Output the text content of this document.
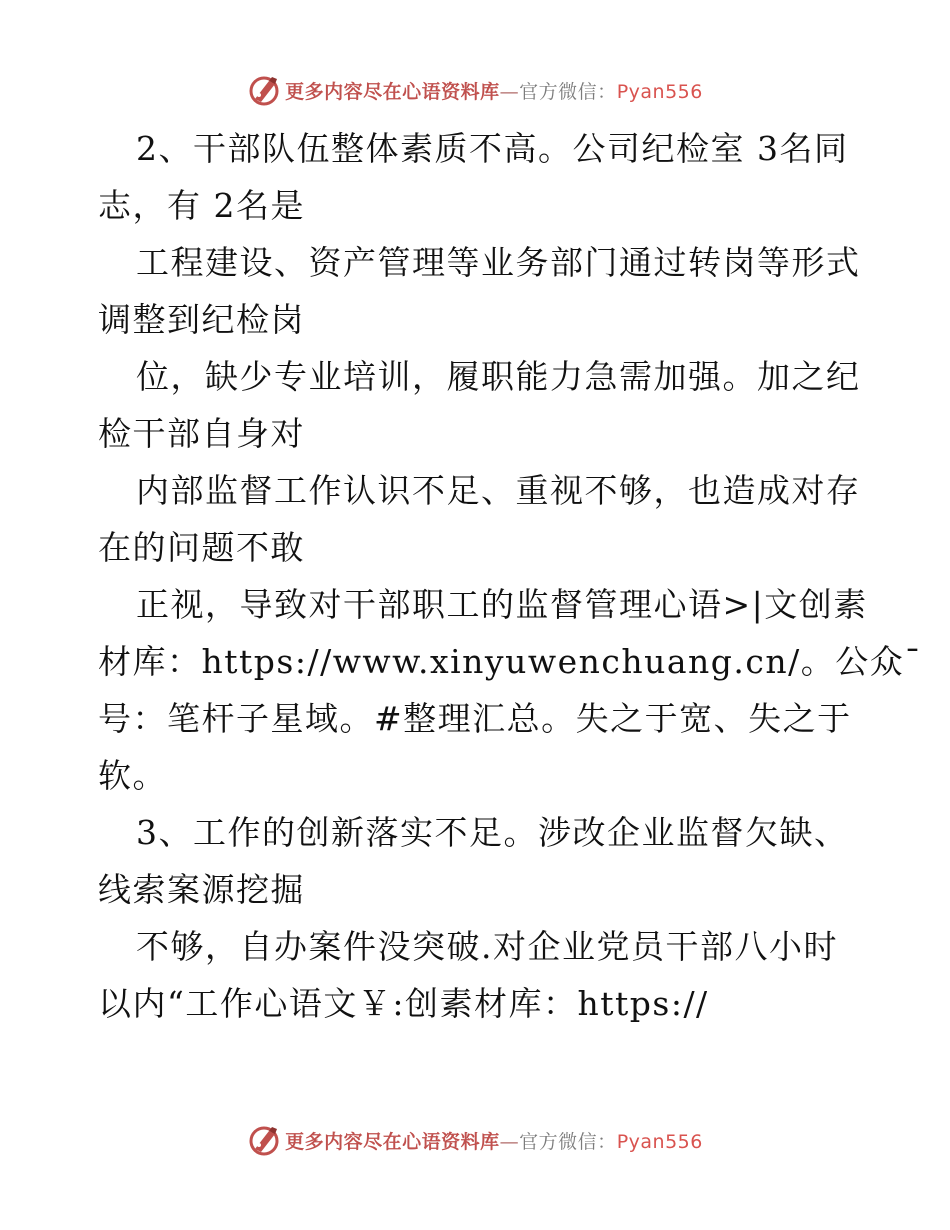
更多内容尽在心语资料库—官方微信：Pyan556
2、干部队伍整体素质不高。公司纪检室 3名同
志，有 2名是
工程建设、资产管理等业务部门通过转岗等形式
调整到纪检岗
位，缺少专业培训，履职能力急需加强。加之纪
检干部自身对
内部监督工作认识不足、重视不够，也造成对存
在的问题不敢
正视，导致对干部职工的监督管理心语>|文创素
材库：https://www.xinyuwenchuang.cn/。公众¯
号：笔杆子星域。#整理汇总。失之于宽、失之于
软。
3、工作的创新落实不足。涉改企业监督欠缺、
线索案源挖掘
不够，自办案件没突破.对企业党员干部八小时
以内“工作心语文￥:创素材库：https://
更多内容尽在心语资料库—官方微信：Pyan556
